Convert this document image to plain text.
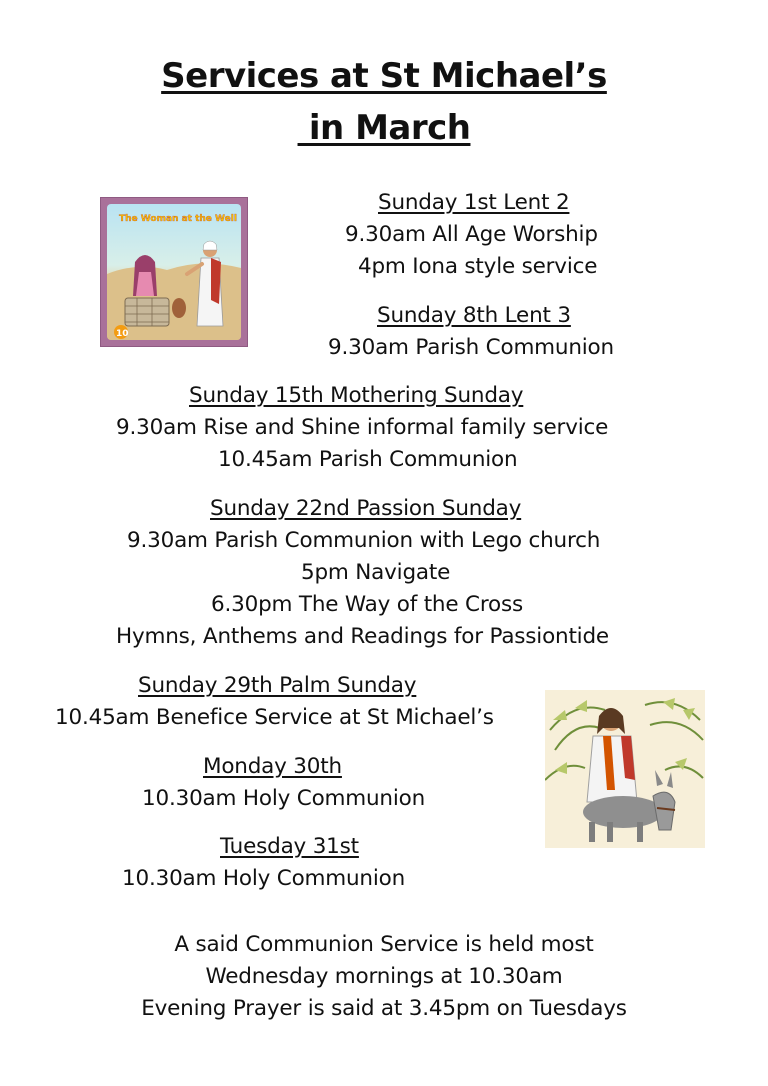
Services at St Michael’s
in March
The Woman at the Well
10
Sunday 1st Lent 2
9.30am All Age Worship
4pm Iona style service
Sunday 8th Lent 3
9.30am Parish Communion
Sunday 15th Mothering Sunday
9.30am Rise and Shine informal family service
10.45am Parish Communion
Sunday 22nd Passion Sunday
9.30am Parish Communion with Lego church
5pm Navigate
6.30pm The Way of the Cross
Hymns, Anthems and Readings for Passiontide
Sunday 29th Palm Sunday
10.45am Benefice Service at St Michael’s
Monday 30th
10.30am Holy Communion
Tuesday 31st
10.30am Holy Communion
A said Communion Service is held most
Wednesday mornings at 10.30am
Evening Prayer is said at 3.45pm on Tuesdays
